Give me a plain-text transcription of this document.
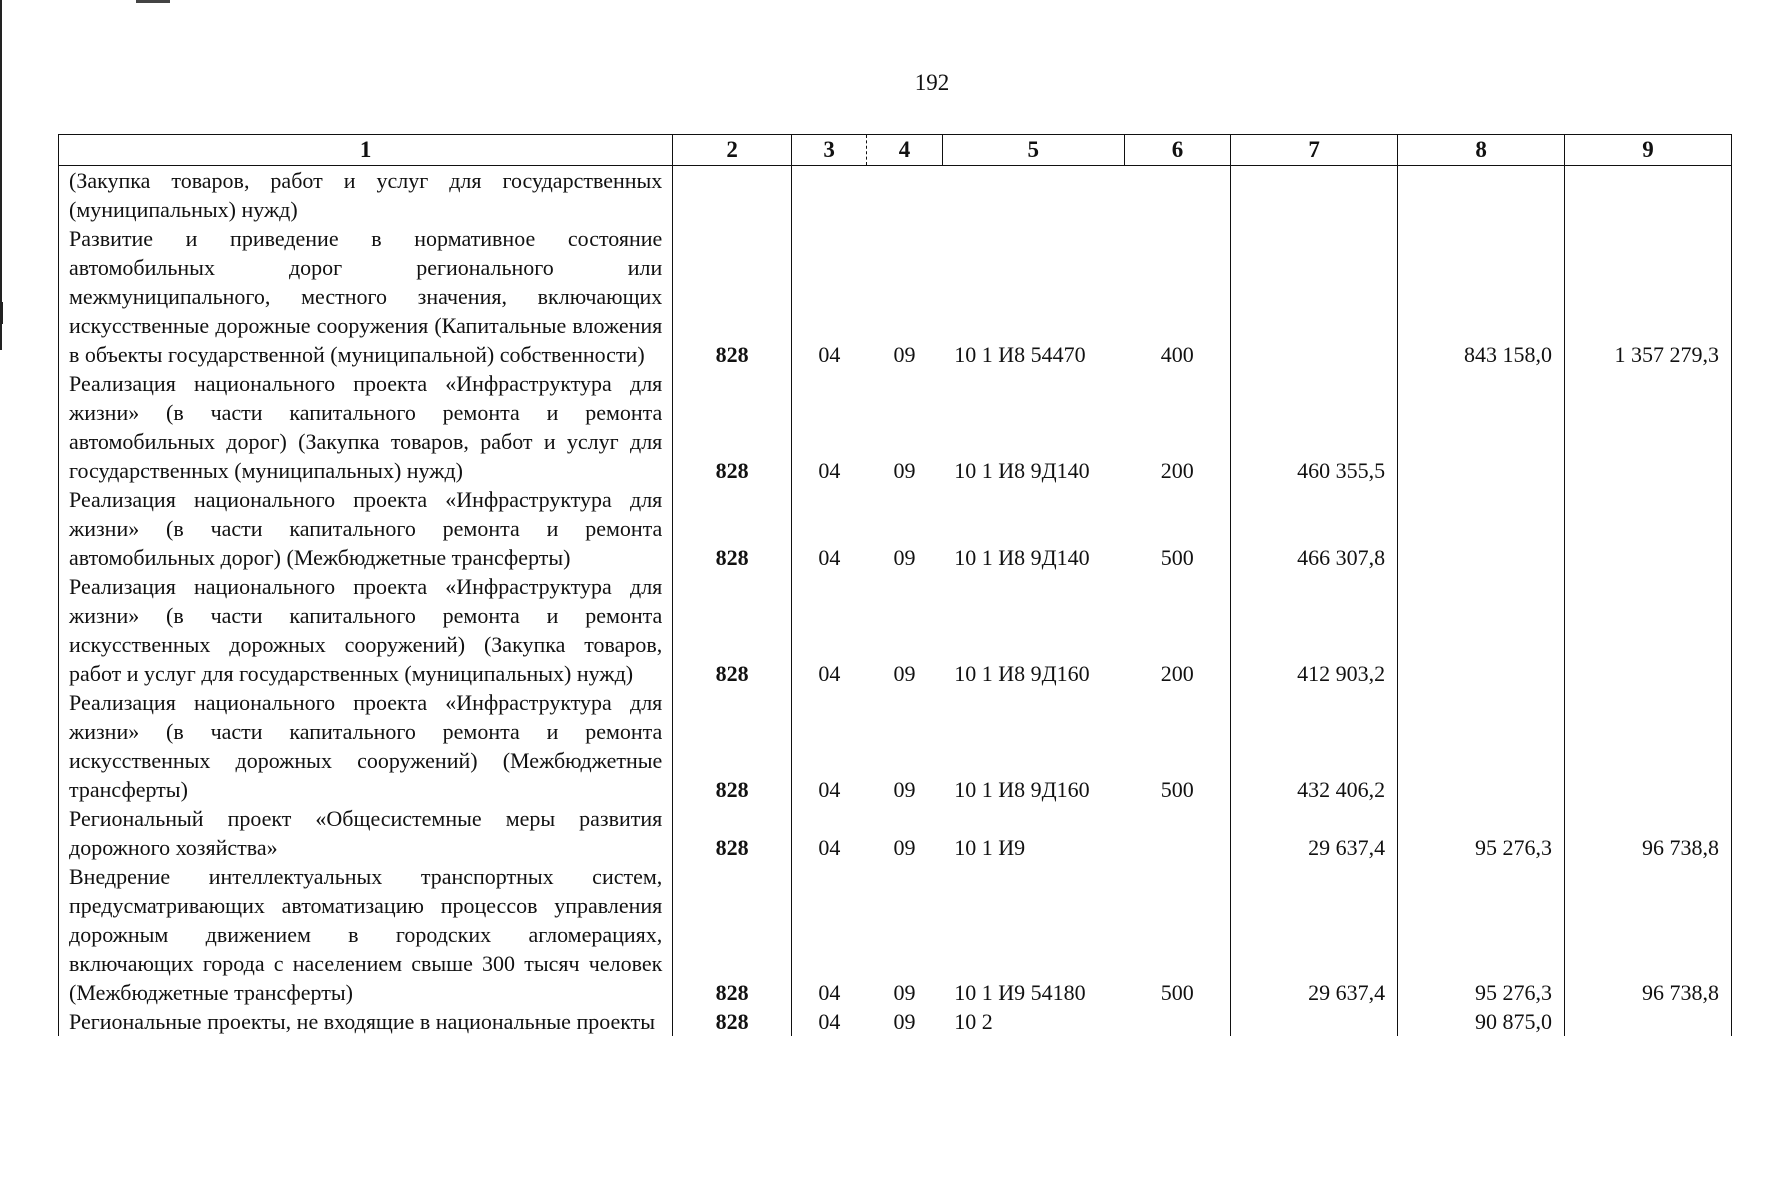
192
1	2	3	4	5	6	7	8	9
(Закупка товаров, работ и услуг для государственных (муниципальных) нужд)								
Развитие и приведение в нормативное состояние автомобильных дорог регионального или межмуниципального, местного значения, включающих искусственные дорожные сооружения (Капитальные вложения в объекты государственной (муниципальной) собственности)	828	04	09	10 1 И8 54470	400		843 158,0	1 357 279,3
Реализация национального проекта «Инфраструктура для жизни» (в части капитального ремонта и ремонта автомобильных дорог) (Закупка товаров, работ и услуг для государственных (муниципальных) нужд)	828	04	09	10 1 И8 9Д140	200	460 355,5		
Реализация национального проекта «Инфраструктура для жизни» (в части капитального ремонта и ремонта автомобильных дорог) (Межбюджетные трансферты)	828	04	09	10 1 И8 9Д140	500	466 307,8		
Реализация национального проекта «Инфраструктура для жизни» (в части капитального ремонта и ремонта искусственных дорожных сооружений) (Закупка товаров, работ и услуг для государственных (муниципальных) нужд)	828	04	09	10 1 И8 9Д160	200	412 903,2		
Реализация национального проекта «Инфраструктура для жизни» (в части капитального ремонта и ремонта искусственных дорожных сооружений) (Межбюджетные трансферты)	828	04	09	10 1 И8 9Д160	500	432 406,2		
Региональный проект «Общесистемные меры развития дорожного хозяйства»	828	04	09	10 1 И9		29 637,4	95 276,3	96 738,8
Внедрение интеллектуальных транспортных систем, предусматривающих автоматизацию процессов управления дорожным движением в городских агломерациях, включающих города с населением свыше 300 тысяч человек (Межбюджетные трансферты)	828	04	09	10 1 И9 54180	500	29 637,4	95 276,3	96 738,8
Региональные проекты, не входящие в национальные проекты	828	04	09	10 2			90 875,0	
